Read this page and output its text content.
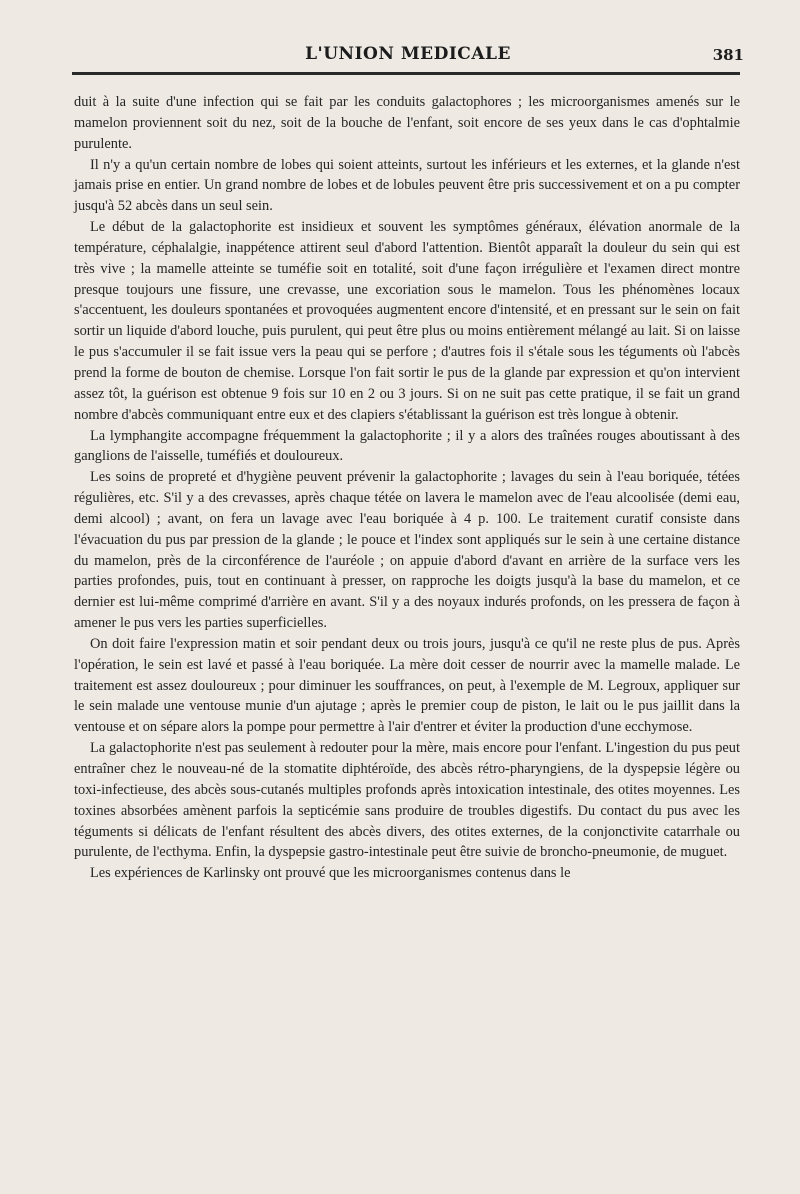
L'UNION MEDICALE	381

duit à la suite d'une infection qui se fait par les conduits galactophores ; les microorganismes amenés sur le mamelon proviennent soit du nez, soit de la bouche de l'enfant, soit encore de ses yeux dans le cas d'ophtalmie purulente.

Il n'y a qu'un certain nombre de lobes qui soient atteints, surtout les inférieurs et les externes, et la glande n'est jamais prise en entier. Un grand nombre de lobes et de lobules peuvent être pris successivement et on a pu compter jusqu'à 52 abcès dans un seul sein.

Le début de la galactophorite est insidieux et souvent les symptômes généraux, élévation anormale de la température, céphalalgie, inappétence attirent seul d'abord l'attention. Bientôt apparaît la douleur du sein qui est très vive ; la mamelle atteinte se tuméfie soit en totalité, soit d'une façon irrégulière et l'examen direct montre presque toujours une fissure, une crevasse, une excoriation sous le mamelon. Tous les phénomènes locaux s'accentuent, les douleurs spontanées et provoquées augmentent encore d'intensité, et en pressant sur le sein on fait sortir un liquide d'abord louche, puis purulent, qui peut être plus ou moins entièrement mélangé au lait. Si on laisse le pus s'accumuler il se fait issue vers la peau qui se perfore ; d'autres fois il s'étale sous les téguments où l'abcès prend la forme de bouton de chemise. Lorsque l'on fait sortir le pus de la glande par expression et qu'on intervient assez tôt, la guérison est obtenue 9 fois sur 10 en 2 ou 3 jours. Si on ne suit pas cette pratique, il se fait un grand nombre d'abcès communiquant entre eux et des clapiers s'établissant la guérison est très longue à obtenir.

La lymphangite accompagne fréquemment la galactophorite ; il y a alors des traînées rouges aboutissant à des ganglions de l'aisselle, tuméfiés et douloureux.

Les soins de propreté et d'hygiène peuvent prévenir la galactophorite ; lavages du sein à l'eau boriquée, tétées régulières, etc. S'il y a des crevasses, après chaque tétée on lavera le mamelon avec de l'eau alcoolisée (demi eau, demi alcool) ; avant, on fera un lavage avec l'eau boriquée à 4 p. 100. Le traitement curatif consiste dans l'évacuation du pus par pression de la glande ; le pouce et l'index sont appliqués sur le sein à une certaine distance du mamelon, près de la circonférence de l'auréole ; on appuie d'abord d'avant en arrière de la surface vers les parties profondes, puis, tout en continuant à presser, on rapproche les doigts jusqu'à la base du mamelon, et ce dernier est lui-même comprimé d'arrière en avant. S'il y a des noyaux indurés profonds, on les pressera de façon à amener le pus vers les parties superficielles.

On doit faire l'expression matin et soir pendant deux ou trois jours, jusqu'à ce qu'il ne reste plus de pus. Après l'opération, le sein est lavé et passé à l'eau boriquée. La mère doit cesser de nourrir avec la mamelle malade. Le traitement est assez douloureux ; pour diminuer les souffrances, on peut, à l'exemple de M. Legroux, appliquer sur le sein malade une ventouse munie d'un ajutage ; après le premier coup de piston, le lait ou le pus jaillit dans la ventouse et on sépare alors la pompe pour permettre à l'air d'entrer et éviter la production d'une ecchymose.

La galactophorite n'est pas seulement à redouter pour la mère, mais encore pour l'enfant. L'ingestion du pus peut entraîner chez le nouveau-né de la stomatite diphtéroïde, des abcès rétro-pharyngiens, de la dyspepsie légère ou toxi-infectieuse, des abcès sous-cutanés multiples profonds après intoxication intestinale, des otites moyennes. Les toxines absorbées amènent parfois la septicémie sans produire de troubles digestifs. Du contact du pus avec les téguments si délicats de l'enfant résultent des abcès divers, des otites externes, de la conjonctivite catarrhale ou purulente, de l'ecthyma. Enfin, la dyspepsie gastro-intestinale peut être suivie de broncho-pneumonie, de muguet.

Les expériences de Karlinsky ont prouvé que les microorganismes contenus dans le
